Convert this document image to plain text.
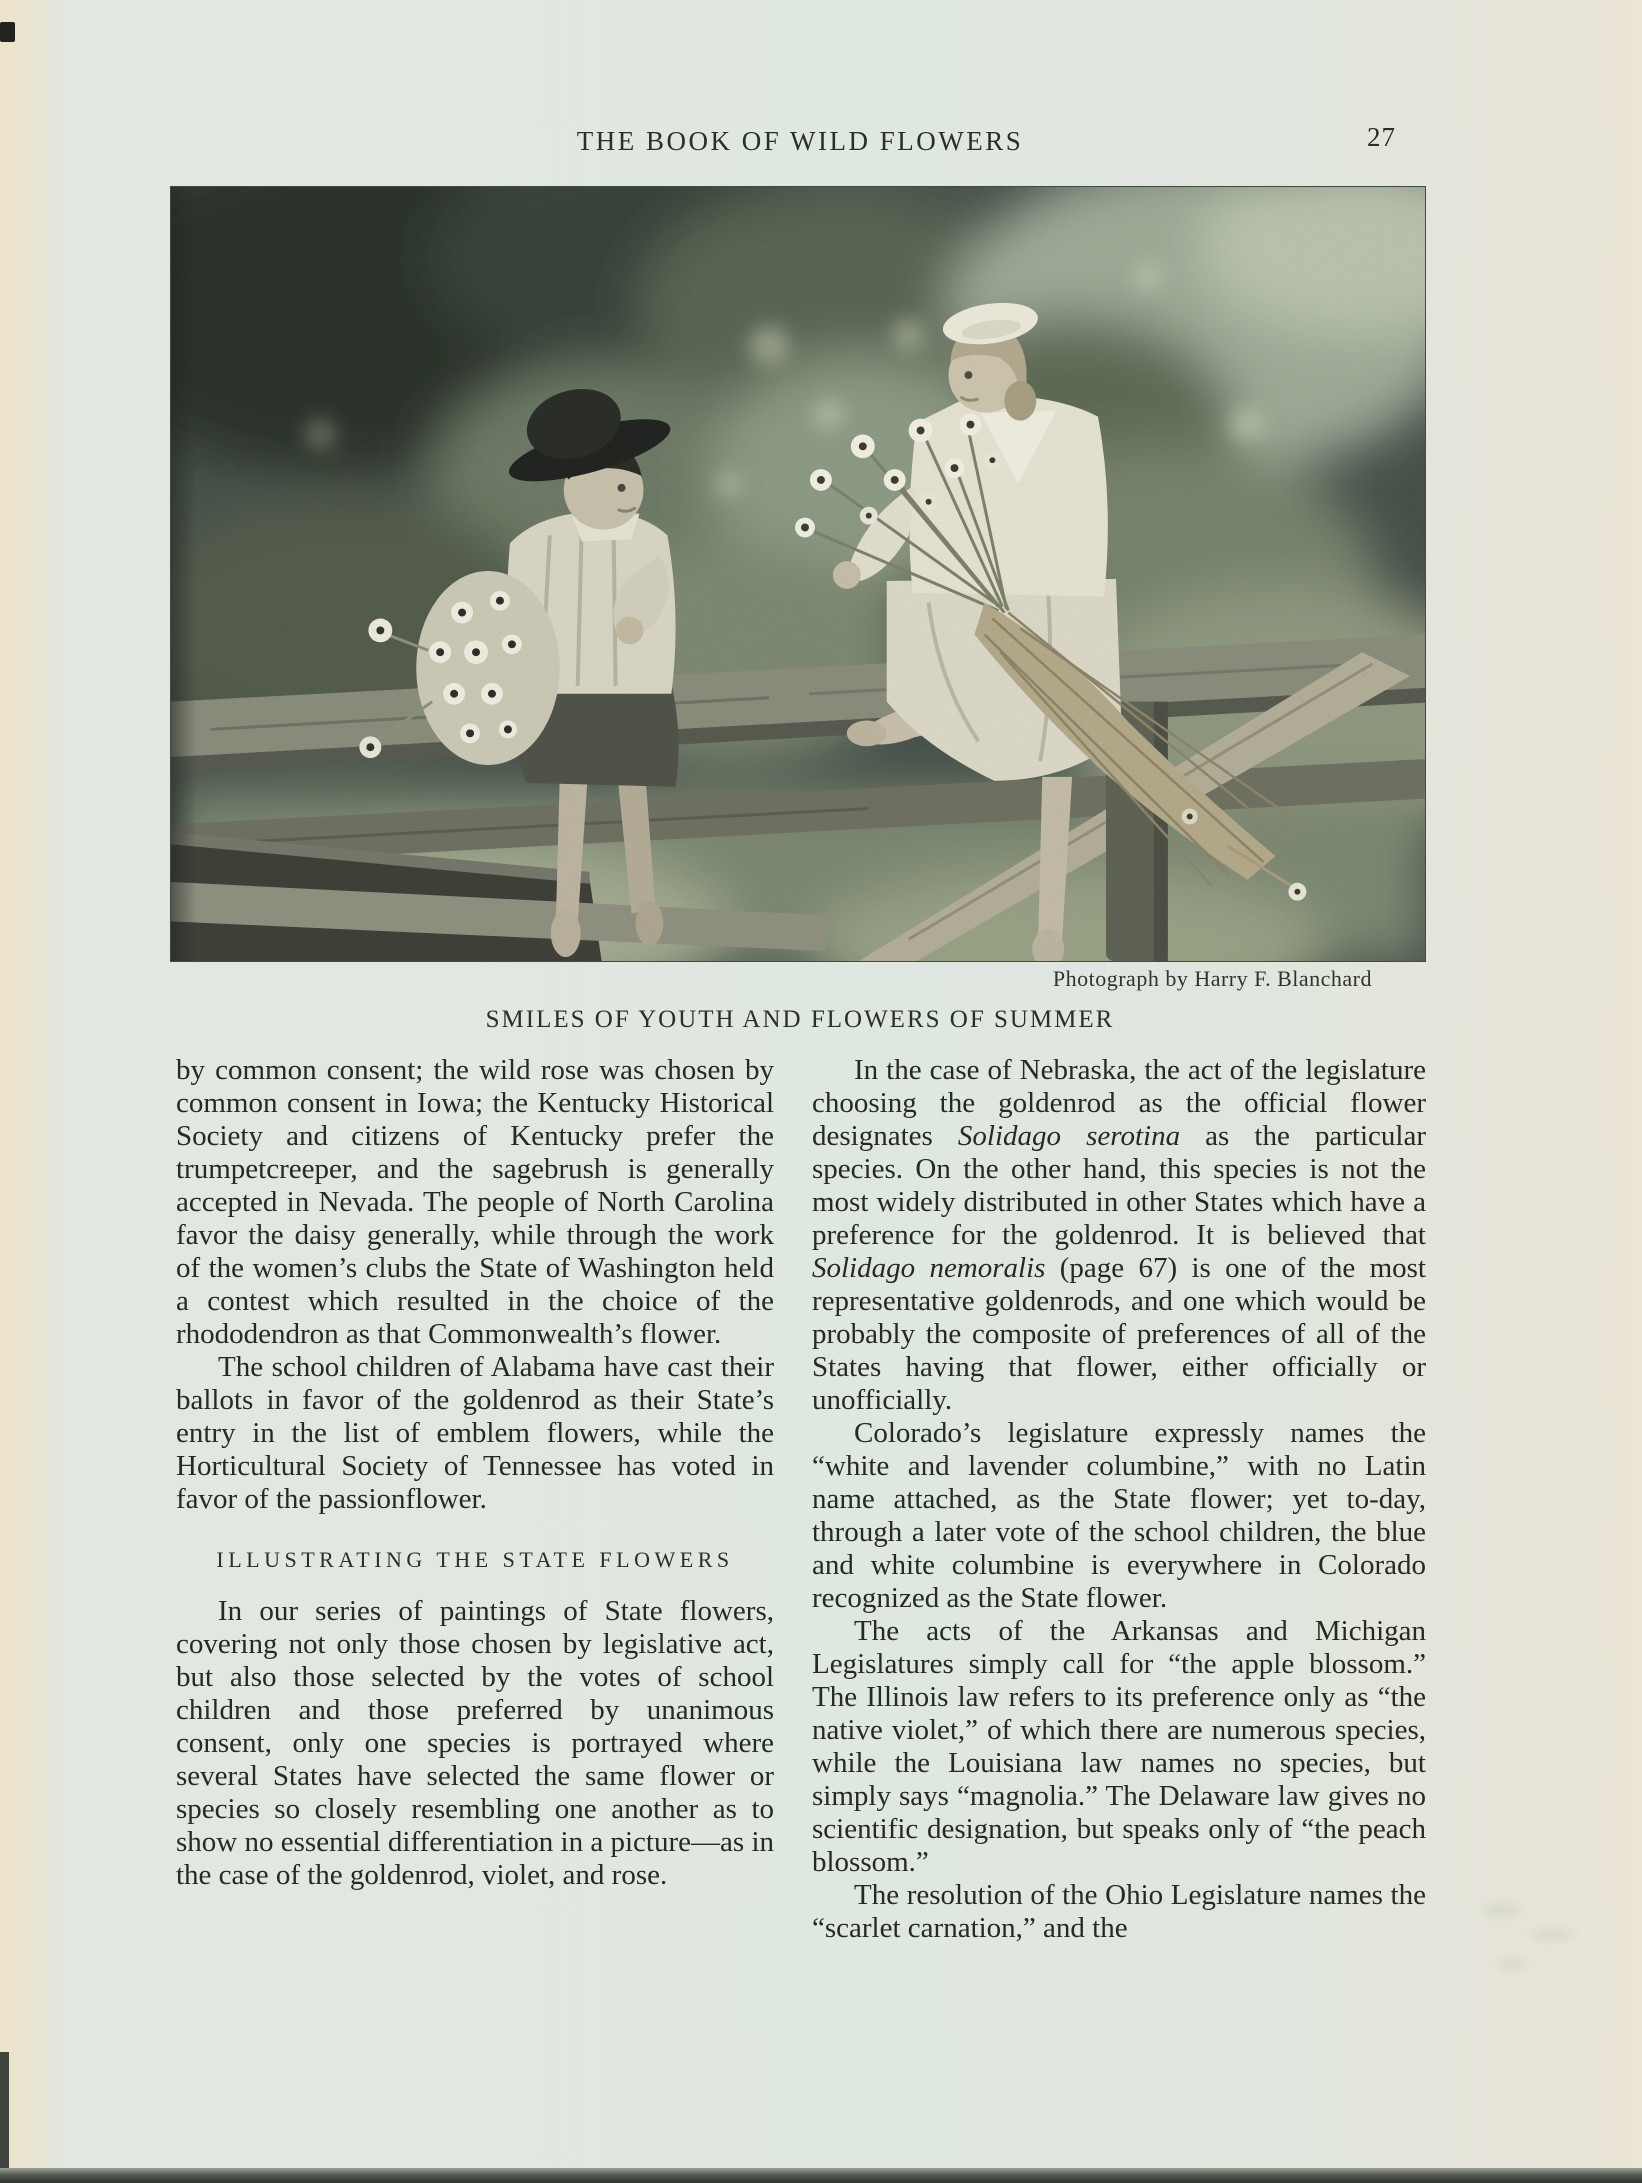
THE BOOK OF WILD FLOWERS	27
Photograph by Harry F. Blanchard
SMILES OF YOUTH AND FLOWERS OF SUMMER

by common consent; the wild rose was chosen by common consent in Iowa; the Kentucky Historical Society and citizens of Kentucky prefer the trumpetcreeper, and the sagebrush is generally accepted in Nevada. The people of North Carolina favor the daisy generally, while through the work of the women’s clubs the State of Washington held a contest which resulted in the choice of the rhododendron as that Commonwealth’s flower.

The school children of Alabama have cast their ballots in favor of the goldenrod as their State’s entry in the list of emblem flowers, while the Horticultural Society of Tennessee has voted in favor of the passionflower.

ILLUSTRATING THE STATE FLOWERS

In our series of paintings of State flowers, covering not only those chosen by legislative act, but also those selected by the votes of school children and those preferred by unanimous consent, only one species is portrayed where several States have selected the same flower or species so closely resembling one another as to show no essential differentiation in a picture—as in the case of the goldenrod, violet, and rose.

In the case of Nebraska, the act of the legislature choosing the goldenrod as the official flower designates Solidago serotina as the particular species. On the other hand, this species is not the most widely distributed in other States which have a preference for the goldenrod. It is believed that Solidago nemoralis (page 67) is one of the most representative goldenrods, and one which would be probably the composite of preferences of all of the States having that flower, either officially or unofficially.

Colorado’s legislature expressly names the “white and lavender columbine,” with no Latin name attached, as the State flower; yet to-day, through a later vote of the school children, the blue and white columbine is everywhere in Colorado recognized as the State flower.

The acts of the Arkansas and Michigan Legislatures simply call for “the apple blossom.” The Illinois law refers to its preference only as “the native violet,” of which there are numerous species, while the Louisiana law names no species, but simply says “magnolia.” The Delaware law gives no scientific designation, but speaks only of “the peach blossom.”

The resolution of the Ohio Legislature names the “scarlet carnation,” and the
